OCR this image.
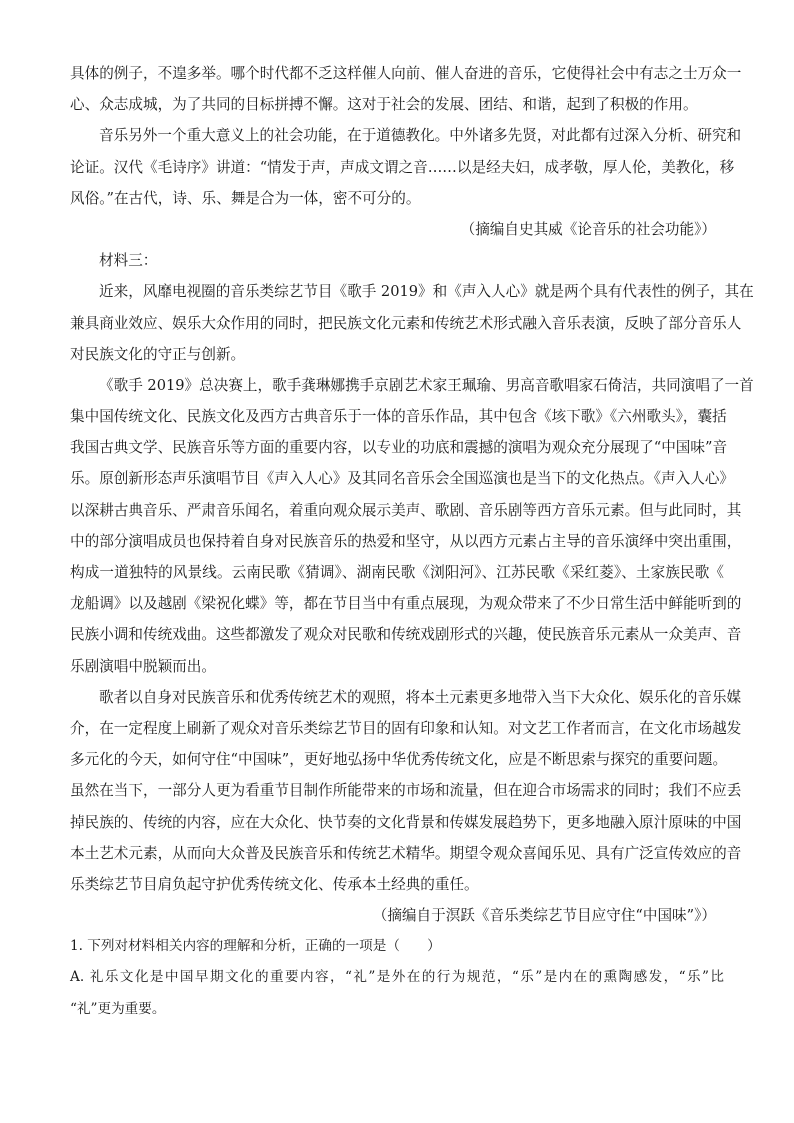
具体的例子，不遑多举。哪个时代都不乏这样催人向前、催人奋进的音乐，它使得社会中有志之士万众一
心、众志成城，为了共同的目标拼搏不懈。这对于社会的发展、团结、和谐，起到了积极的作用。
音乐另外一个重大意义上的社会功能，在于道德教化。中外诸多先贤，对此都有过深入分析、研究和
论证。汉代《毛诗序》讲道：“情发于声，声成文谓之音……以是经夫妇，成孝敬，厚人伦，美教化，移
风俗。”在古代，诗、乐、舞是合为一体，密不可分的。
（摘编自史其威《论音乐的社会功能》）
材料三：
近来，风靡电视圈的音乐类综艺节目《歌手 2019》和《声入人心》就是两个具有代表性的例子，其在
兼具商业效应、娱乐大众作用的同时，把民族文化元素和传统艺术形式融入音乐表演，反映了部分音乐人
对民族文化的守正与创新。
《歌手 2019》总决赛上，歌手龚琳娜携手京剧艺术家王珮瑜、男高音歌唱家石倚洁，共同演唱了一首
集中国传统文化、民族文化及西方古典音乐于一体的音乐作品，其中包含《垓下歌》《六州歌头》，囊括
我国古典文学、民族音乐等方面的重要内容，以专业的功底和震撼的演唱为观众充分展现了“中国味”音
乐。原创新形态声乐演唱节目《声入人心》及其同名音乐会全国巡演也是当下的文化热点。《声入人心》
以深耕古典音乐、严肃音乐闻名，着重向观众展示美声、歌剧、音乐剧等西方音乐元素。但与此同时，其
中的部分演唱成员也保持着自身对民族音乐的热爱和坚守，从以西方元素占主导的音乐演绎中突出重围，
构成一道独特的风景线。云南民歌《猜调》、湖南民歌《浏阳河》、江苏民歌《采红菱》、土家族民歌《
龙船调》以及越剧《梁祝化蝶》等，都在节目当中有重点展现，为观众带来了不少日常生活中鲜能听到的
民族小调和传统戏曲。这些都激发了观众对民歌和传统戏剧形式的兴趣，使民族音乐元素从一众美声、音
乐剧演唱中脱颖而出。
歌者以自身对民族音乐和优秀传统艺术的观照，将本土元素更多地带入当下大众化、娱乐化的音乐媒
介，在一定程度上刷新了观众对音乐类综艺节目的固有印象和认知。对文艺工作者而言，在文化市场越发
多元化的今天，如何守住“中国味”，更好地弘扬中华优秀传统文化，应是不断思索与探究的重要问题。
虽然在当下，一部分人更为看重节目制作所能带来的市场和流量，但在迎合市场需求的同时；我们不应丢
掉民族的、传统的内容，应在大众化、快节奏的文化背景和传媒发展趋势下，更多地融入原汁原味的中国
本土艺术元素，从而向大众普及民族音乐和传统艺术精华。期望令观众喜闻乐见、具有广泛宣传效应的音
乐类综艺节目肩负起守护优秀传统文化、传承本土经典的重任。
（摘编自于溟跃《音乐类综艺节目应守住“中国味”》）
1. 下列对材料相关内容的理解和分析，正确的一项是（　　）
A. 礼乐文化是中国早期文化的重要内容，“礼”是外在的行为规范，“乐”是内在的熏陶感发，“乐”比
“礼”更为重要。
